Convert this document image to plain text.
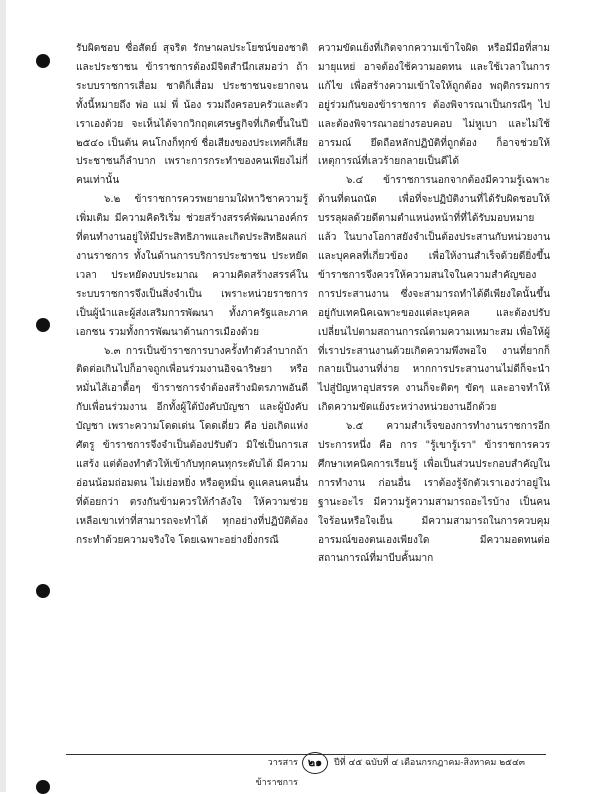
รับผิดชอบ ซื่อสัตย์ สุจริต รักษาผลประโยชน์ของชาติและประชาชน ข้าราชการต้องมีจิตสำนึกเสมอว่า ถ้าระบบราชการเสื่อม ชาติก็เสื่อม ประชาชนจะยากจน ทั้งนี้หมายถึง พ่อ แม่ พี่ น้อง รวมถึงครอบครัวและตัวเราเองด้วย จะเห็นได้จากวิกฤตเศรษฐกิจที่เกิดขึ้นในปี ๒๕๔๐ เป็นต้น คนโกงก็ทุกข์ ชื่อเสียงของประเทศก็เสีย ประชาชนก็ลำบาก เพราะการกระทำของคนเพียงไม่กี่คนเท่านั้น

๖.๒ ข้าราชการควรพยายามใฝ่หาวิชาความรู้เพิ่มเติม มีความคิดริเริ่ม ช่วยสร้างสรรค์พัฒนาองค์กรที่ตนทำงานอยู่ให้มีประสิทธิภาพและเกิดประสิทธิผลแก่งานราชการ ทั้งในด้านการบริการประชาชน ประหยัดเวลา ประหยัดงบประมาณ ความคิดสร้างสรรค์ในระบบราชการจึงเป็นสิ่งจำเป็น เพราะหน่วยราชการเป็นผู้นำและผู้ส่งเสริมการพัฒนา ทั้งภาครัฐและภาคเอกชน รวมทั้งการพัฒนาด้านการเมืองด้วย

๖.๓ การเป็นข้าราชการบางครั้งทำตัวลำบากถ้าติดต่อเกินไปก็อาจถูกเพื่อนร่วมงานอิจฉาริษยา หรือหมั่นไส้เอาดื้อๆ ข้าราชการจำต้องสร้างมิตรภาพอันดีกับเพื่อนร่วมงาน อีกทั้งผู้ใต้บังคับบัญชา และผู้บังคับบัญชา เพราะความโดดเด่น โดดเดี่ยว คือ บ่อเกิดแห่งศัตรู ข้าราชการจึงจำเป็นต้องปรับตัว มิใช่เป็นการเสแสร้ง แต่ต้องทำตัวให้เข้ากับทุกคนทุกระดับได้ มีความอ่อนน้อมถ่อมตน ไม่เย่อหยิ่ง หรือดูหมิ่น ดูแคลนคนอื่นที่ด้อยกว่า ตรงกันข้ามควรให้กำลังใจ ให้ความช่วยเหลือเขาเท่าที่สามารถจะทำได้ ทุกอย่างที่ปฏิบัติต้องกระทำด้วยความจริงใจ โดยเฉพาะอย่างยิ่งกรณี

ความขัดแย้งที่เกิดจากความเข้าใจผิด หรือมีมือที่สามมายุแหย่ อาจต้องใช้ความอดทน และใช้เวลาในการแก้ไข เพื่อสร้างความเข้าใจให้ถูกต้อง พฤติกรรมการอยู่ร่วมกันของข้าราชการ ต้องพิจารณาเป็นกรณีๆ ไป และต้องพิจารณาอย่างรอบคอบ ไม่หูเบา และไม่ใช้อารมณ์ ยึดถือหลักปฏิบัติที่ถูกต้อง ก็อาจช่วยให้เหตุการณ์ที่เลวร้ายกลายเป็นดีได้

๖.๔ ข้าราชการนอกจากต้องมีความรู้เฉพาะด้านที่ตนถนัด เพื่อที่จะปฏิบัติงานที่ได้รับผิดชอบให้บรรลุผลด้วยดีตามตำแหน่งหน้าที่ที่ได้รับมอบหมายแล้ว ในบางโอกาสยังจำเป็นต้องประสานกับหน่วยงานและบุคคลที่เกี่ยวข้อง เพื่อให้งานสำเร็จด้วยดียิ่งขึ้น ข้าราชการจึงควรให้ความสนใจในความสำคัญของการประสานงาน ซึ่งจะสามารถทำได้ดีเพียงใดนั้นขึ้นอยู่กับเทคนิคเฉพาะของแต่ละบุคคล และต้องปรับเปลี่ยนไปตามสถานการณ์ตามความเหมาะสม เพื่อให้ผู้ที่เราประสานงานด้วยเกิดความพึงพอใจ งานที่ยากก็กลายเป็นงานที่ง่าย หากการประสานงานไม่ดีก็จะนำไปสู่ปัญหาอุปสรรค งานก็จะติดๆ ขัดๆ และอาจทำให้เกิดความขัดแย้งระหว่างหน่วยงานอีกด้วย

๖.๕ ความสำเร็จของการทำงานราชการอีกประการหนึ่ง คือ การ "รู้เขารู้เรา" ข้าราชการควรศึกษาเทคนิคการเรียนรู้ เพื่อเป็นส่วนประกอบสำคัญในการทำงาน ก่อนอื่น เราต้องรู้จักตัวเราเองว่าอยู่ในฐานะอะไร มีความรู้ความสามารถอะไรบ้าง เป็นคนใจร้อนหรือใจเย็น มีความสามารถในการควบคุมอารมณ์ของตนเองเพียงใด มีความอดทนต่อสถานการณ์ที่มาบีบคั้นมาก

วารสารข้าราชการ
๒๑	ปีที่ ๔๕ ฉบับที่ ๔ เดือนกรกฎาคม-สิงหาคม ๒๕๔๓
